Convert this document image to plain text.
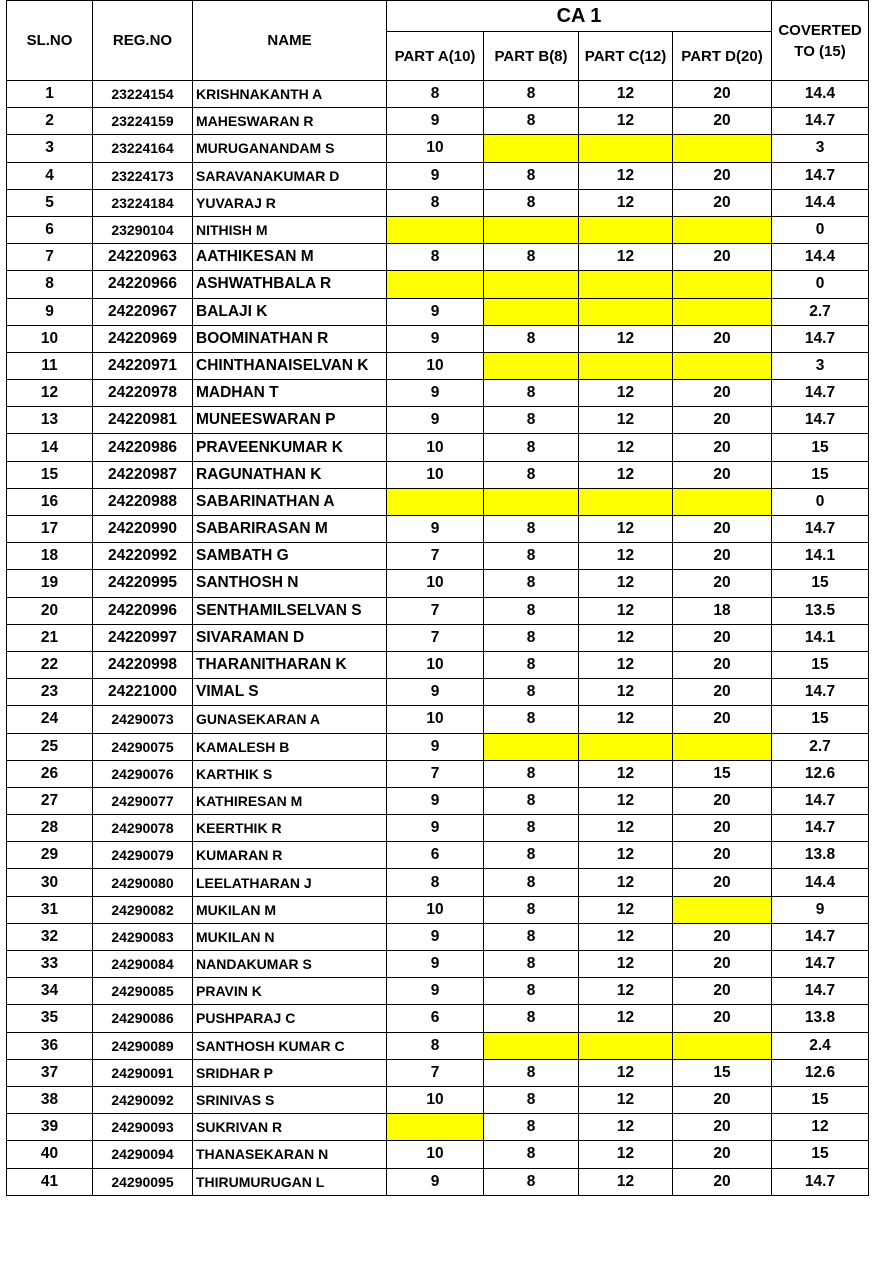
SL.NO	REG.NO	NAME	CA 1				COVERTED
TO (15)

			PART A(10)	PART B(8)	PART C(12)	PART D(20)	
1	23224154	KRISHNAKANTH A	8	8	12	20	14.4
2	23224159	MAHESWARAN R	9	8	12	20	14.7
3	23224164	MURUGANANDAM S	10				3
4	23224173	SARAVANAKUMAR D	9	8	12	20	14.7
5	23224184	YUVARAJ R	8	8	12	20	14.4
6	23290104	NITHISH M					0
7	24220963	AATHIKESAN M	8	8	12	20	14.4
8	24220966	ASHWATHBALA R					0
9	24220967	BALAJI K	9				2.7
10	24220969	BOOMINATHAN R	9	8	12	20	14.7
11	24220971	CHINTHANAISELVAN K	10				3
12	24220978	MADHAN T	9	8	12	20	14.7
13	24220981	MUNEESWARAN P	9	8	12	20	14.7
14	24220986	PRAVEENKUMAR K	10	8	12	20	15
15	24220987	RAGUNATHAN K	10	8	12	20	15
16	24220988	SABARINATHAN A					0
17	24220990	SABARIRASAN M	9	8	12	20	14.7
18	24220992	SAMBATH G	7	8	12	20	14.1
19	24220995	SANTHOSH N	10	8	12	20	15
20	24220996	SENTHAMILSELVAN S	7	8	12	18	13.5
21	24220997	SIVARAMAN D	7	8	12	20	14.1
22	24220998	THARANITHARAN K	10	8	12	20	15
23	24221000	VIMAL S	9	8	12	20	14.7
24	24290073	GUNASEKARAN A	10	8	12	20	15
25	24290075	KAMALESH B	9				2.7
26	24290076	KARTHIK S	7	8	12	15	12.6
27	24290077	KATHIRESAN M	9	8	12	20	14.7
28	24290078	KEERTHIK R	9	8	12	20	14.7
29	24290079	KUMARAN R	6	8	12	20	13.8
30	24290080	LEELATHARAN J	8	8	12	20	14.4
31	24290082	MUKILAN M	10	8	12		9
32	24290083	MUKILAN N	9	8	12	20	14.7
33	24290084	NANDAKUMAR S	9	8	12	20	14.7
34	24290085	PRAVIN K	9	8	12	20	14.7
35	24290086	PUSHPARAJ C	6	8	12	20	13.8
36	24290089	SANTHOSH KUMAR C	8				2.4
37	24290091	SRIDHAR P	7	8	12	15	12.6
38	24290092	SRINIVAS S	10	8	12	20	15
39	24290093	SUKRIVAN R		8	12	20	12
40	24290094	THANASEKARAN N	10	8	12	20	15
41	24290095	THIRUMURUGAN L	9	8	12	20	14.7
